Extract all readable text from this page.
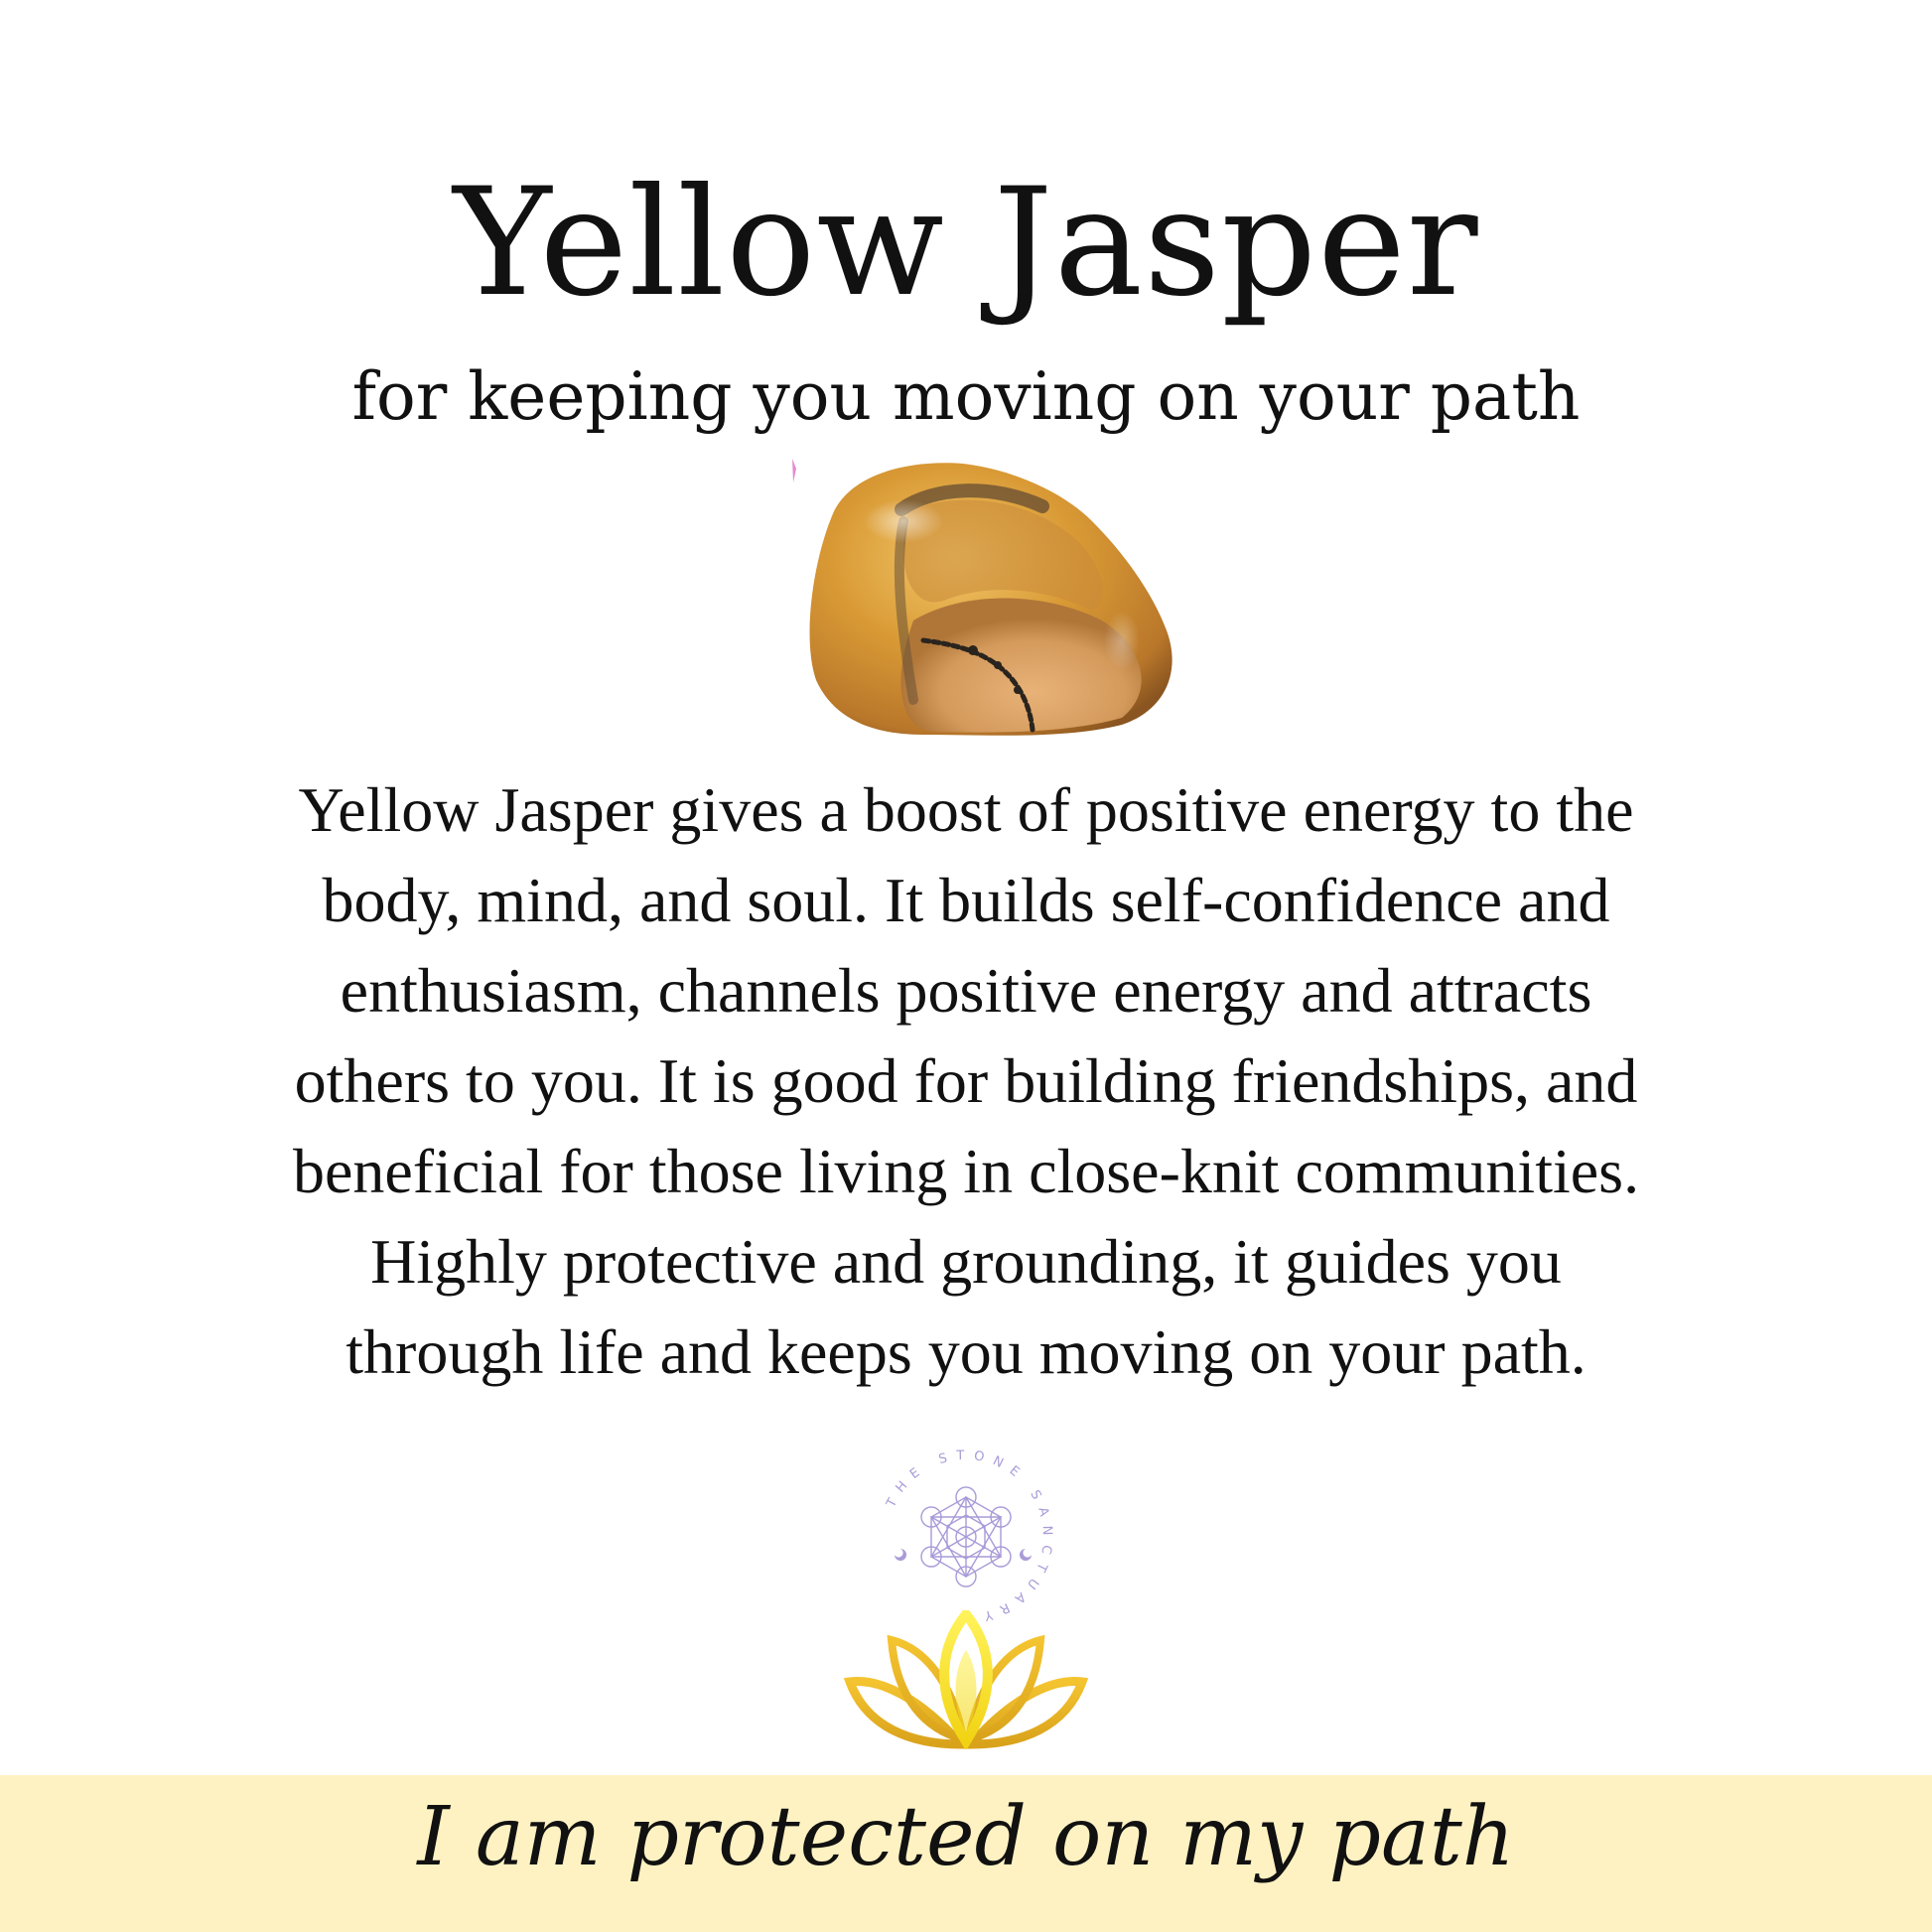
Yellow Jasper

for keeping you moving on your path

Yellow Jasper gives a boost of positive energy to the
body, mind, and soul. It builds self-confidence and
enthusiasm, channels positive energy and attracts
others to you. It is good for building friendships, and
beneficial for those living in close-knit communities.
Highly protective and grounding, it guides you
through life and keeps you moving on your path.
THE STONE SANCTUARY

I am protected on my path
